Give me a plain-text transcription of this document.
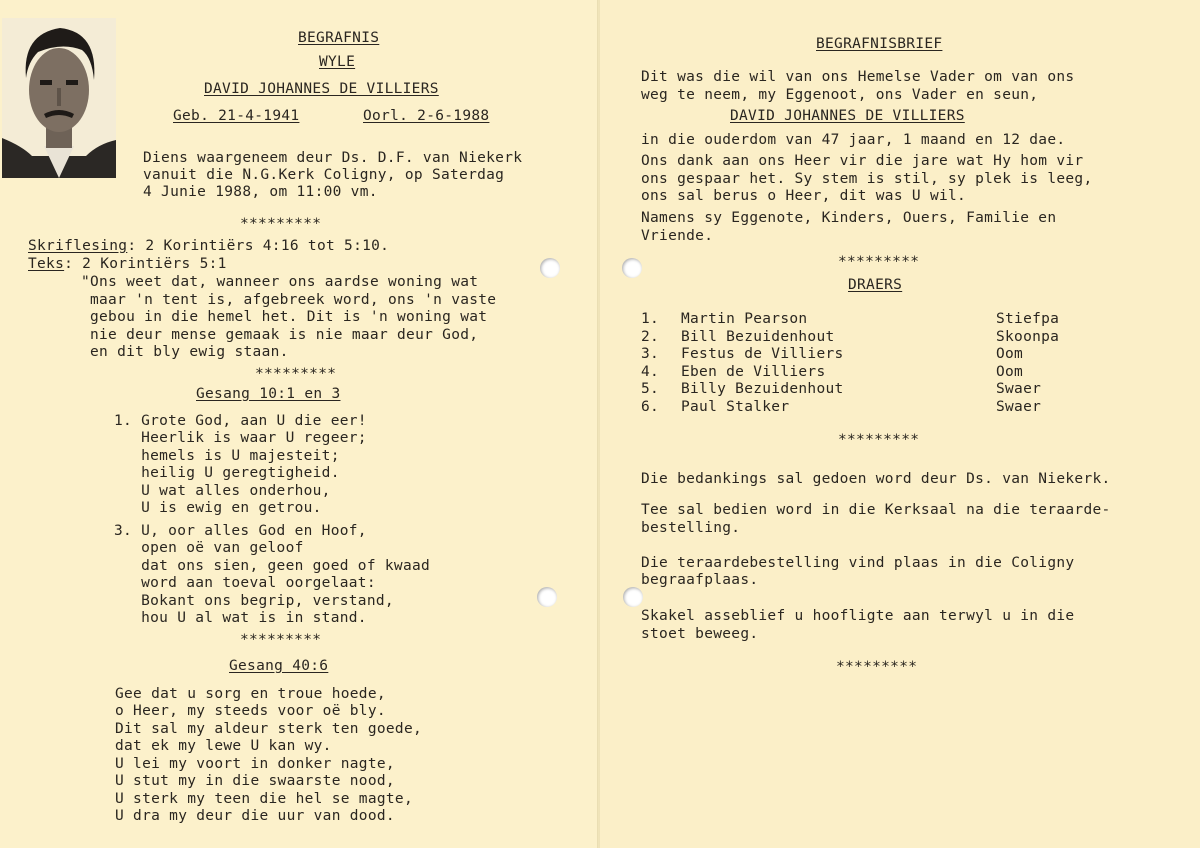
BEGRAFNIS
WYLE
DAVID JOHANNES DE VILLIERS
Geb. 21-4-1941	Oorl. 2-6-1988
Diens waargeneem deur Ds. D.F. van Niekerk
vanuit die N.G.Kerk Coligny, op Saterdag
4 Junie 1988, om 11:00 vm.
*********
Skriflesing: 2 Korintiërs 4:16 tot 5:10.
Teks: 2 Korintiërs 5:1
"Ons weet dat, wanneer ons aardse woning wat
maar 'n tent is, afgebreek word, ons 'n vaste
gebou in die hemel het. Dit is 'n woning wat
nie deur mense gemaak is nie maar deur God,
en dit bly ewig staan.
*********
Gesang 10:1 en 3
1. Grote God, aan U die eer!
Heerlik is waar U regeer;
hemels is U majesteit;
heilig U geregtigheid.
U wat alles onderhou,
U is ewig en getrou.
3. U, oor alles God en Hoof,
open oë van geloof
dat ons sien, geen goed of kwaad
word aan toeval oorgelaat:
Bokant ons begrip, verstand,
hou U al wat is in stand.
*********
Gesang 40:6
Gee dat u sorg en troue hoede,
o Heer, my steeds voor oë bly.
Dit sal my aldeur sterk ten goede,
dat ek my lewe U kan wy.
U lei my voort in donker nagte,
U stut my in die swaarste nood,
U sterk my teen die hel se magte,
U dra my deur die uur van dood.
BEGRAFNISBRIEF
Dit was die wil van ons Hemelse Vader om van ons
weg te neem, my Eggenoot, ons Vader en seun,
DAVID JOHANNES DE VILLIERS
in die ouderdom van 47 jaar, 1 maand en 12 dae.
Ons dank aan ons Heer vir die jare wat Hy hom vir
ons gespaar het. Sy stem is stil, sy plek is leeg,
ons sal berus o Heer, dit was U wil.
Namens sy Eggenote, Kinders, Ouers, Familie en
Vriende.
*********
DRAERS
1. Martin Pearson	Stiefpa
2. Bill Bezuidenhout	Skoonpa
3. Festus de Villiers	Oom
4. Eben de Villiers	Oom
5. Billy Bezuidenhout	Swaer
6. Paul Stalker	Swaer
*********
Die bedankings sal gedoen word deur Ds. van Niekerk.
Tee sal bedien word in die Kerksaal na die teraarde-
bestelling.
Die teraardebestelling vind plaas in die Coligny
begraafplaas.
Skakel asseblief u hoofligte aan terwyl u in die
stoet beweeg.
*********
